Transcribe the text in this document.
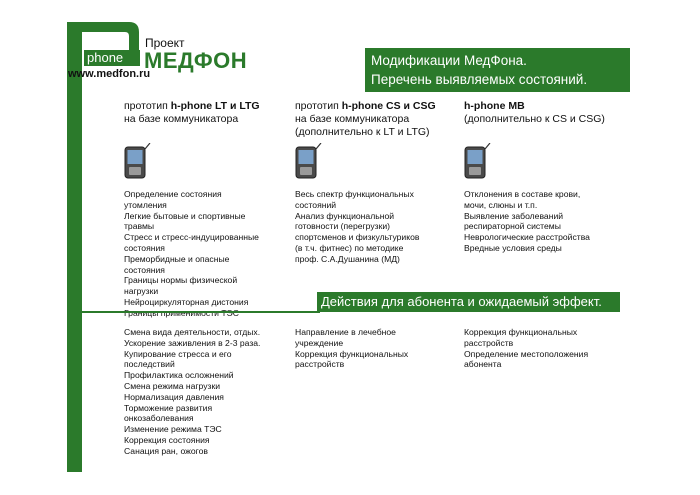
phone
www.medfon.ru
Проект
МЕДФОН	Модификации МедФона.
Перечень выявляемых состояний.
прототип h-phone LT и LTG
на базе коммуникатора
прототип h-phone CS и CSG
на базе коммуникатора
(дополнительно к LT и LTG)
h-phone MB
(дополнительно к CS и CSG)
Определение состояния
утомления
Легкие бытовые и спортивные
травмы
Стресс и стресс-индуцированные
состояния
Преморбидные и опасные
состояния
Границы нормы физической
нагрузки
Нейроциркуляторная дистония
Весь спектр функциональных
состояний
Анализ функциональной
готовности (перегрузки)
спортсменов и физкультуриков
(в т.ч. фитнес) по методике
проф. С.А.Душанина (МД)
Отклонения в составе крови,
мочи, слюны и т.п.
Выявление заболеваний
респираторной системы
Неврологические расстройства
Вредные условия среды
Действия для абонента и ожидаемый эффект.
Смена вида деятельности, отдых.
Ускорение заживления в 2-3 раза.
Купирование стресса и его
последствий
Профилактика осложнений
Смена режима нагрузки
Нормализация давления
Торможение развития
онкозаболевания
Изменение режима ТЭС
Коррекция состояния
Санация ран, ожогов
Направление в лечебное
учреждение
Коррекция функциональных
расстройств
Коррекция функциональных
расстройств
Определение местоположения
абонента
